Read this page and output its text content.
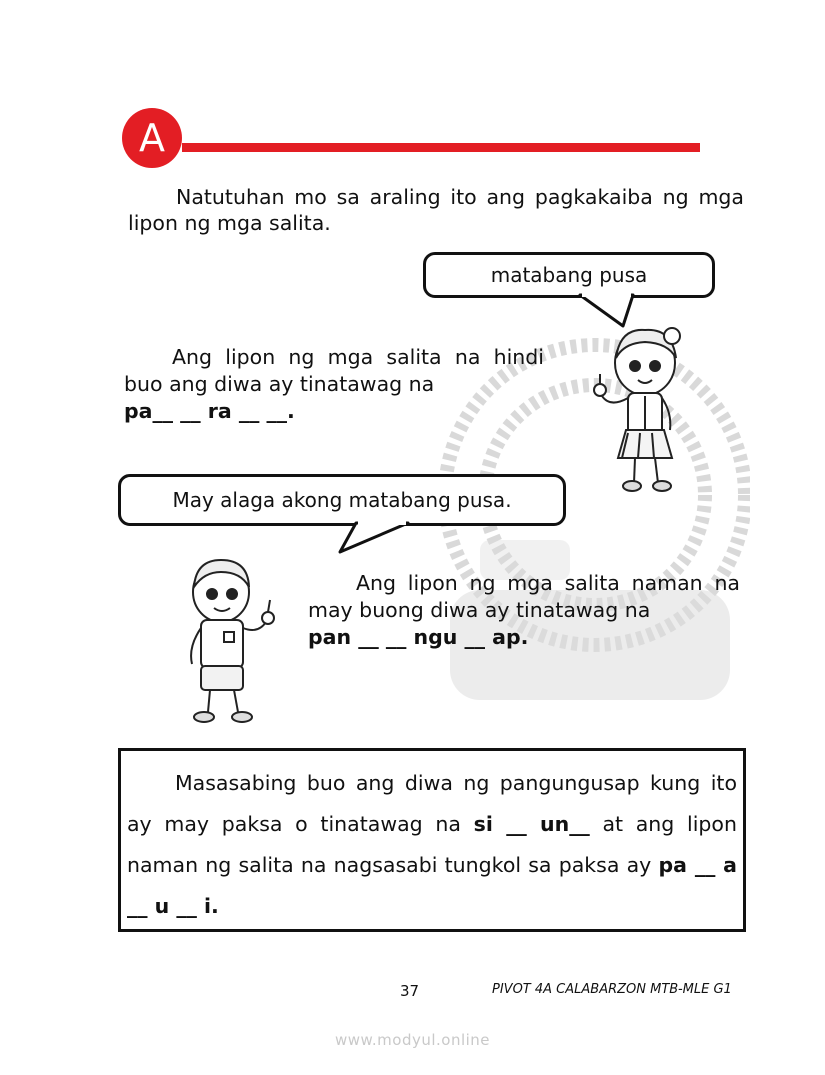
A
Natutuhan mo sa araling ito ang pagkakaiba ng mga lipon ng mga salita.
matabang pusa
Ang lipon ng mga salita na hindi buo ang diwa ay tinatawag na
pa__ __ ra __ __.
May alaga akong matabang pusa.
Ang lipon ng mga salita naman na may buong diwa ay tinatawag na
pan __ __ ngu __ ap.
Masasabing buo ang diwa ng pangungusap kung ito ay may paksa o tinatawag na si __ un__ at ang lipon naman ng salita na nagsasabi tungkol sa paksa ay pa __ a __ u __ i.
37	PIVOT 4A CALABARZON MTB-MLE G1
www.modyul.online
